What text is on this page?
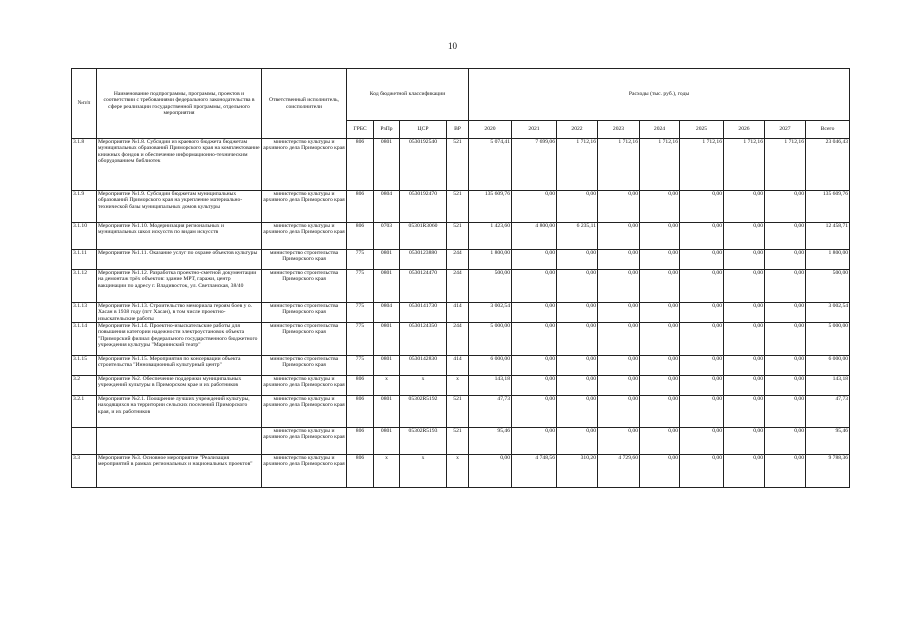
10
№п/п	Наименование подпрограммы, программы, проектов и соответствии с требованиями федерального законодательства в сфере реализации государственной программы, отдельного мероприятия	Ответственный исполнитель, соисполнители	Код бюджетной классификации				Расходы (тыс. руб.), годы								
			ГРБС	РзПр	ЦСР	ВР	2020	2021	2022	2023	2024	2025	2026	2027	Всего
3.1.8	Мероприятие №1.8. Субсидии из краевого бюджета бюджетам муниципальных образований Приморского края на комплектование книжных фондов и обеспечение информационно-техническим оборудованием библиотек	министерство культуры и архивного дела Приморского края	806	0801	0530192540	521	5 074,41	7 699,06	1 712,16	1 712,16	1 712,16	1 712,16	1 712,16	1 712,16	23 046,43
3.1.9	Мероприятие №1.9. Субсидии бюджетам муниципальных образований Приморского края на укрепление материально-технической базы муниципальных домов культуры	министерство культуры и архивного дела Приморского края	806	0804	0530192470	521	135 609,76	0,00	0,00	0,00	0,00	0,00	0,00	0,00	135 609,76
3.1.10	Мероприятие №1.10. Модернизация региональных и муниципальных школ искусств по видам искусств	министерство культуры и архивного дела Приморского края	806	0703	05301R3060	521	1 423,60	4 800,00	6 235,11	0,00	0,00	0,00	0,00	0,00	12 458,71
3.1.11	Мероприятие №1.11. Оказание услуг по охране объектов культуры	министерство строительства Приморского края	775	0801	0530123880	244	1 800,00	0,00	0,00	0,00	0,00	0,00	0,00	0,00	1 800,00
3.1.12	Мероприятие №1.12. Разработка проектно-сметной документации на демонтаж трёх объектов: здание МРТ, гаражи, центр вакцинации по адресу г. Владивосток, ул. Светланская, 38/40	министерство строительства Приморского края	775	0801	0530124470	244	500,00	0,00	0,00	0,00	0,00	0,00	0,00	0,00	500,00
3.1.13	Мероприятие №1.13. Строительство мемориала героям боев у о. Хасан в 1938 году (пгт Хасан), в том числе проектно-изыскательские работы	министерство строительства Приморского края	775	0804	0530141730	414	3 002,54	0,00	0,00	0,00	0,00	0,00	0,00	0,00	3 002,54
3.1.14	Мероприятие №1.14. Проектно-изыскательские работы для повышения категории надежности электроустановок объекта "Приморский филиал федерального государственного бюджетного учреждения культуры "Мариинский театр"	министерство строительства Приморского края	775	0801	0530124350	244	5 000,00	0,00	0,00	0,00	0,00	0,00	0,00	0,00	5 000,00
3.1.15	Мероприятие №1.15. Мероприятия по консервации объекта строительства "Инновационный культурный центр"	министерство строительства Приморского края	775	0801	0530142830	414	6 000,00	0,00	0,00	0,00	0,00	0,00	0,00	0,00	6 000,00
3.2	Мероприятие №2. Обеспечение поддержки муниципальных учреждений культуры в Приморском крае и их работников	министерство культуры и архивного дела Приморского края	806	х	х	х	143,18	0,00	0,00	0,00	0,00	0,00	0,00	0,00	143,18
3.2.1	Мероприятие №2.1. Поощрение лучших учреждений культуры, находящихся на территории сельских поселений Приморского края, и их работников	министерство культуры и архивного дела Приморского края	806	0801	05302R5192	521	47,73	0,00	0,00	0,00	0,00	0,00	0,00	0,00	47,73
		министерство культуры и архивного дела Приморского края	806	0801	05302R5193	521	95,46	0,00	0,00	0,00	0,00	0,00	0,00	0,00	95,46
3.3	Мероприятие №3. Основное мероприятие "Реализация мероприятий в рамках региональных и национальных проектов"	министерство культуры и архивного дела Приморского края	806	х	х	х	0,00	4 748,56	310,20	4 729,60	0,00	0,00	0,00	0,00	9 788,36
